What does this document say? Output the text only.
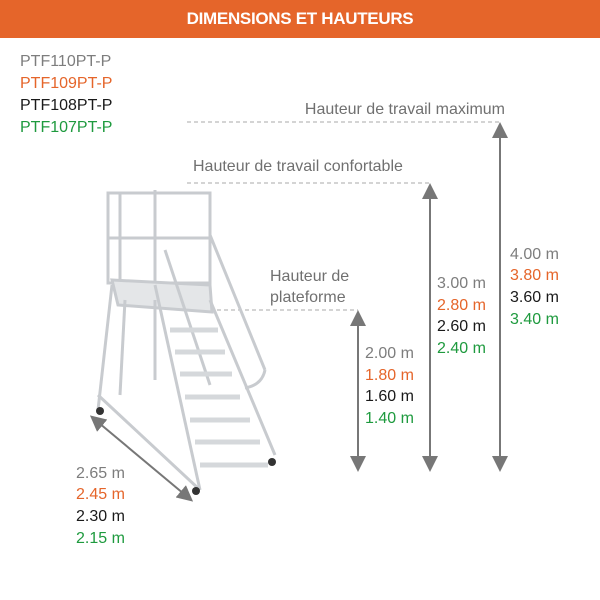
DIMENSIONS ET HAUTEURS
PTF110PT-P
PTF109PT-P
PTF108PT-P
PTF107PT-P
Hauteur de travail maximum
Hauteur de travail confortable
Hauteur de
plateforme
4.00 m
3.80 m
3.60 m
3.40 m
3.00 m
2.80 m
2.60 m
2.40 m
2.00 m
1.80 m
1.60 m
1.40 m
2.65 m
2.45 m
2.30 m
2.15 m
